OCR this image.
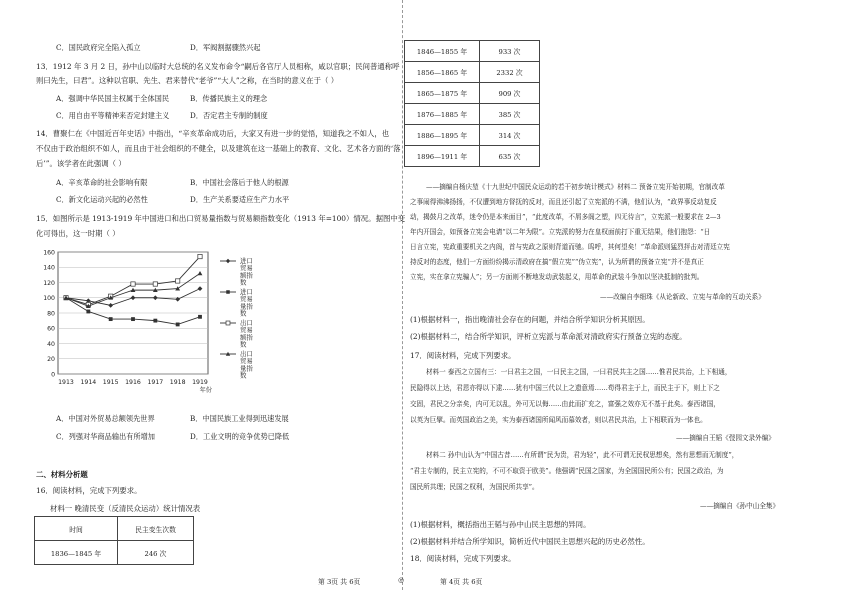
C．国民政府完全陷入孤立	D．军阀割据骤然兴起
13．1912 年 3 月 2 日，孙中山以临时大总统的名义发布命令“嗣后各官厅人员相称，咸以官职；民间普通称呼
则曰先生，曰君”。这种以官职、先生、君来替代“老爷”“大人”之称，在当时的意义在于（ ）
A．强调中华民国主权属于全体国民	B．传播民族主义的理念
C．用自由平等精神来否定封建主义	D．否定君主专制的制度
14．曹聚仁在《中国近百年史话》中指出，“辛亥革命成功后，大家又有进一步的觉悟，知道我之不如人，也
不仅由于政治组织不如人，而且由于社会组织的不健全，以及建筑在这一基础上的教育、文化、艺术各方面的‘落
后’”。该学者在此强调（ ）
A．辛亥革命的社会影响有限	B．中国社会落后于他人的根源
C．新文化运动兴起的必然性	D．生产关系要适应生产力水平
15．如图所示是 1913-1919 年中国进口和出口贸易量指数与贸易额指数变化（1913 年=100）情况。据图中变
化可得出，这一时期（ ）
0
20
40
60
80
100
120
140
160
1913 1914 1915 1916 1917 1918 1919
年份
进口
贸易
额指
数
进口
贸易
量指
数
出口
贸易
额指
数
出口
贸易
量指
数
A．中国对外贸易总额领先世界	B．中国民族工业得到迅速发展
C．列强对华商品输出有所增加	D．工业文明的竞争优势已降低
二、材料分析题
16．阅读材料，完成下列要求。
材料一 晚清民变（反清民众运动）统计情况表
时间	民主变生次数
1836—1845 年	246 次
第 3页 共 6页	◎	第 4页 共 6页
1846—1855 年	933 次
1856—1865 年	2332 次
1865—1875 年	909 次
1876—1885 年	385 次
1886—1895 年	314 次
1896—1911 年	635 次
——摘编自杨庆堃《十九世纪中国民众运动的若干初步统计模式》材料二 预备立宪开始初期，官制改革
之事闹得沸沸扬扬，不仅遭到地方督抚的反对，而且还引起了立宪派的不满，他们认为，“政界事反动复反
动，揭鼓月之改革，迷令仍是本来面目”，“此度改革，不屑多阁之塑，四无待言”，立宪派一般要求在 2—3
年内开国会，如预备立宪会电请“以二年为限”。立宪派的努力在皇权面前打下重无结果，他们抱怨：“日
日言立宪，宪政重要机关之内阁，首与宪政之原则背道而驰。呜呼，其何望矣！”革命派则猛烈抨击对清廷立宪
持反对的态度，他们一方面纷纷揭示清政府在搞“假立宪”“伪立宪”，认为所谓的预备立宪“并不是真正
立宪，实在拿立宪骗人”；另一方面则不断地发动武装起义，用革命的武装斗争加以坚决抵制的批判。
——改编自李细珠《从论新政、立宪与革命的互动关系》
(1)根据材料一，指出晚清社会存在的问题，并结合所学知识分析其原因。
(2)根据材料二，结合所学知识，评析立宪派与革命派对清政府实行预备立宪的态度。
17．阅读材料，完成下列要求。
材料一 泰西之立国有三：一曰君主之国，一曰民主之国，一曰君民共主之国……惟君民共治，上下相通，
民隐得以上达，君恩亦得以下逮……犹有中国三代以上之遗意焉……苟得君主于上，而民主于下，则上下之
交固，君民之分亲矣，内可无以乱，外可无以侮……由此而扩充之，富强之效亦无不基于此矣。泰西诸国，
以英为巨擘。而英国政治之美，实为泰西诸国所闻风而慕效者，则以君民共治，上下相联而为一体也。
——摘编自王韬《弢园文录外编》
材料二 孙中山认为“中国古昔……有所谓”民为贵，君为轻”，此不可谓无民权思想矣，然有思想而无制度”，
“君主专制的，民主立宪的，不可不取资于欧美”。他强调“民国之国家，为全国国民所公有；民国之政治，为
国民所共理；民国之权利，为国民所共享”。
——摘编自《孙中山全集》
(1)根据材料，概括指出王韬与孙中山民主思想的异同。
(2)根据材料并结合所学知识，简析近代中国民主思想兴起的历史必然性。
18．阅读材料，完成下列要求。
